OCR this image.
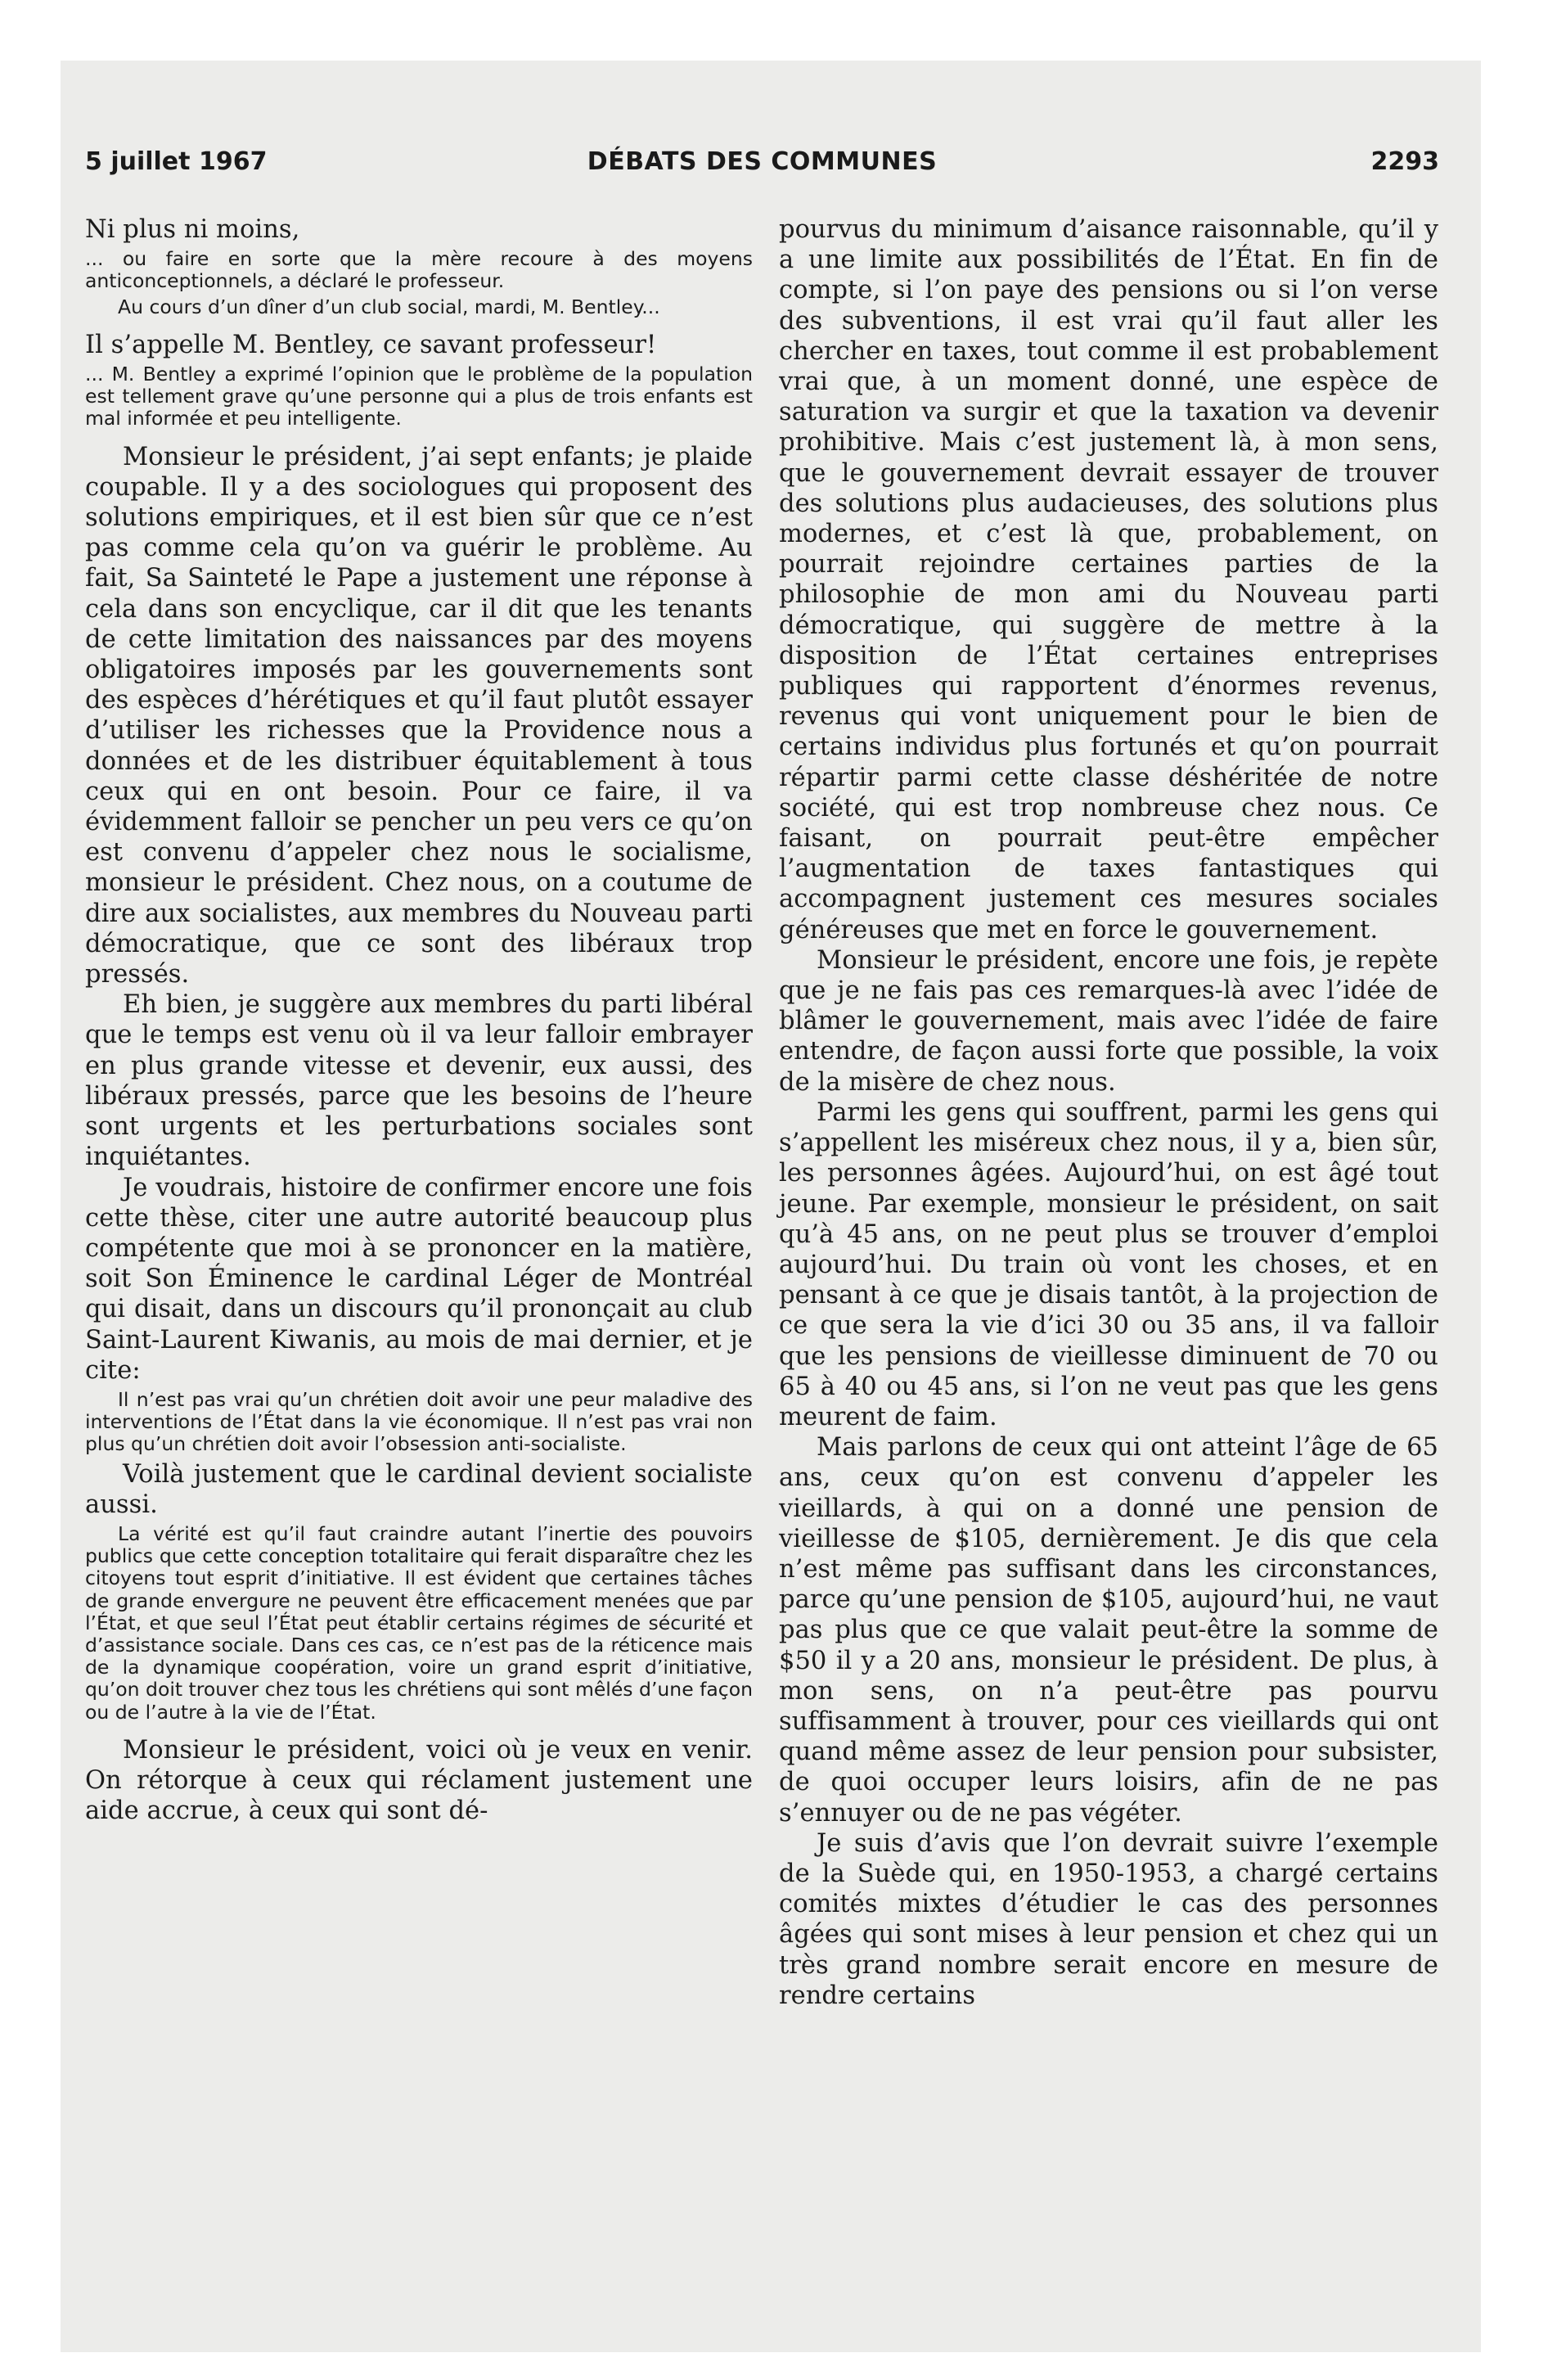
5 juillet 1967	DÉBATS DES COMMUNES	2293

Ni plus ni moins,

... ou faire en sorte que la mère recoure à des moyens anticonceptionnels, a déclaré le professeur.

Au cours d’un dîner d’un club social, mardi, M. Bentley...

Il s’appelle M. Bentley, ce savant professeur!

... M. Bentley a exprimé l’opinion que le problème de la population est tellement grave qu’une personne qui a plus de trois enfants est mal informée et peu intelligente.

Monsieur le président, j’ai sept enfants; je plaide coupable. Il y a des sociologues qui proposent des solutions empiriques, et il est bien sûr que ce n’est pas comme cela qu’on va guérir le problème. Au fait, Sa Sainteté le Pape a justement une réponse à cela dans son encyclique, car il dit que les tenants de cette limitation des naissances par des moyens obligatoires imposés par les gouvernements sont des espèces d’hérétiques et qu’il faut plutôt essayer d’utiliser les richesses que la Providence nous a données et de les distribuer équitablement à tous ceux qui en ont besoin. Pour ce faire, il va évidemment falloir se pencher un peu vers ce qu’on est convenu d’appeler chez nous le socialisme, monsieur le président. Chez nous, on a coutume de dire aux socialistes, aux membres du Nouveau parti démocratique, que ce sont des libéraux trop pressés.

Eh bien, je suggère aux membres du parti libéral que le temps est venu où il va leur falloir embrayer en plus grande vitesse et devenir, eux aussi, des libéraux pressés, parce que les besoins de l’heure sont urgents et les perturbations sociales sont inquiétantes.

Je voudrais, histoire de confirmer encore une fois cette thèse, citer une autre autorité beaucoup plus compétente que moi à se prononcer en la matière, soit Son Éminence le cardinal Léger de Montréal qui disait, dans un discours qu’il prononçait au club Saint-Laurent Kiwanis, au mois de mai dernier, et je cite:

Il n’est pas vrai qu’un chrétien doit avoir une peur maladive des interventions de l’État dans la vie économique. Il n’est pas vrai non plus qu’un chrétien doit avoir l’obsession anti-socialiste.

Voilà justement que le cardinal devient socialiste aussi.

La vérité est qu’il faut craindre autant l’inertie des pouvoirs publics que cette conception totalitaire qui ferait disparaître chez les citoyens tout esprit d’initiative. Il est évident que certaines tâches de grande envergure ne peuvent être efficacement menées que par l’État, et que seul l’État peut établir certains régimes de sécurité et d’assistance sociale. Dans ces cas, ce n’est pas de la réticence mais de la dynamique coopération, voire un grand esprit d’initiative, qu’on doit trouver chez tous les chrétiens qui sont mêlés d’une façon ou de l’autre à la vie de l’État.

Monsieur le président, voici où je veux en venir. On rétorque à ceux qui réclament justement une aide accrue, à ceux qui sont dé-

pourvus du minimum d’aisance raisonnable, qu’il y a une limite aux possibilités de l’État. En fin de compte, si l’on paye des pensions ou si l’on verse des subventions, il est vrai qu’il faut aller les chercher en taxes, tout comme il est probablement vrai que, à un moment donné, une espèce de saturation va surgir et que la taxation va devenir prohibitive. Mais c’est justement là, à mon sens, que le gouvernement devrait essayer de trouver des solutions plus audacieuses, des solutions plus modernes, et c’est là que, probablement, on pourrait rejoindre certaines parties de la philosophie de mon ami du Nouveau parti démocratique, qui suggère de mettre à la disposition de l’État certaines entreprises publiques qui rapportent d’énormes revenus, revenus qui vont uniquement pour le bien de certains individus plus fortunés et qu’on pourrait répartir parmi cette classe déshéritée de notre société, qui est trop nombreuse chez nous. Ce faisant, on pourrait peut-être empêcher l’augmentation de taxes fantastiques qui accompagnent justement ces mesures sociales généreuses que met en force le gouvernement.

Monsieur le président, encore une fois, je repète que je ne fais pas ces remarques-là avec l’idée de blâmer le gouvernement, mais avec l’idée de faire entendre, de façon aussi forte que possible, la voix de la misère de chez nous.

Parmi les gens qui souffrent, parmi les gens qui s’appellent les miséreux chez nous, il y a, bien sûr, les personnes âgées. Aujourd’hui, on est âgé tout jeune. Par exemple, monsieur le président, on sait qu’à 45 ans, on ne peut plus se trouver d’emploi aujourd’hui. Du train où vont les choses, et en pensant à ce que je disais tantôt, à la projection de ce que sera la vie d’ici 30 ou 35 ans, il va falloir que les pensions de vieillesse diminuent de 70 ou 65 à 40 ou 45 ans, si l’on ne veut pas que les gens meurent de faim.

Mais parlons de ceux qui ont atteint l’âge de 65 ans, ceux qu’on est convenu d’appeler les vieillards, à qui on a donné une pension de vieillesse de $105, dernièrement. Je dis que cela n’est même pas suffisant dans les circonstances, parce qu’une pension de $105, aujourd’hui, ne vaut pas plus que ce que valait peut-être la somme de $50 il y a 20 ans, monsieur le président. De plus, à mon sens, on n’a peut-être pas pourvu suffisamment à trouver, pour ces vieillards qui ont quand même assez de leur pension pour subsister, de quoi occuper leurs loisirs, afin de ne pas s’ennuyer ou de ne pas végéter.

Je suis d’avis que l’on devrait suivre l’exemple de la Suède qui, en 1950-1953, a chargé certains comités mixtes d’étudier le cas des personnes âgées qui sont mises à leur pension et chez qui un très grand nombre serait encore en mesure de rendre certains
